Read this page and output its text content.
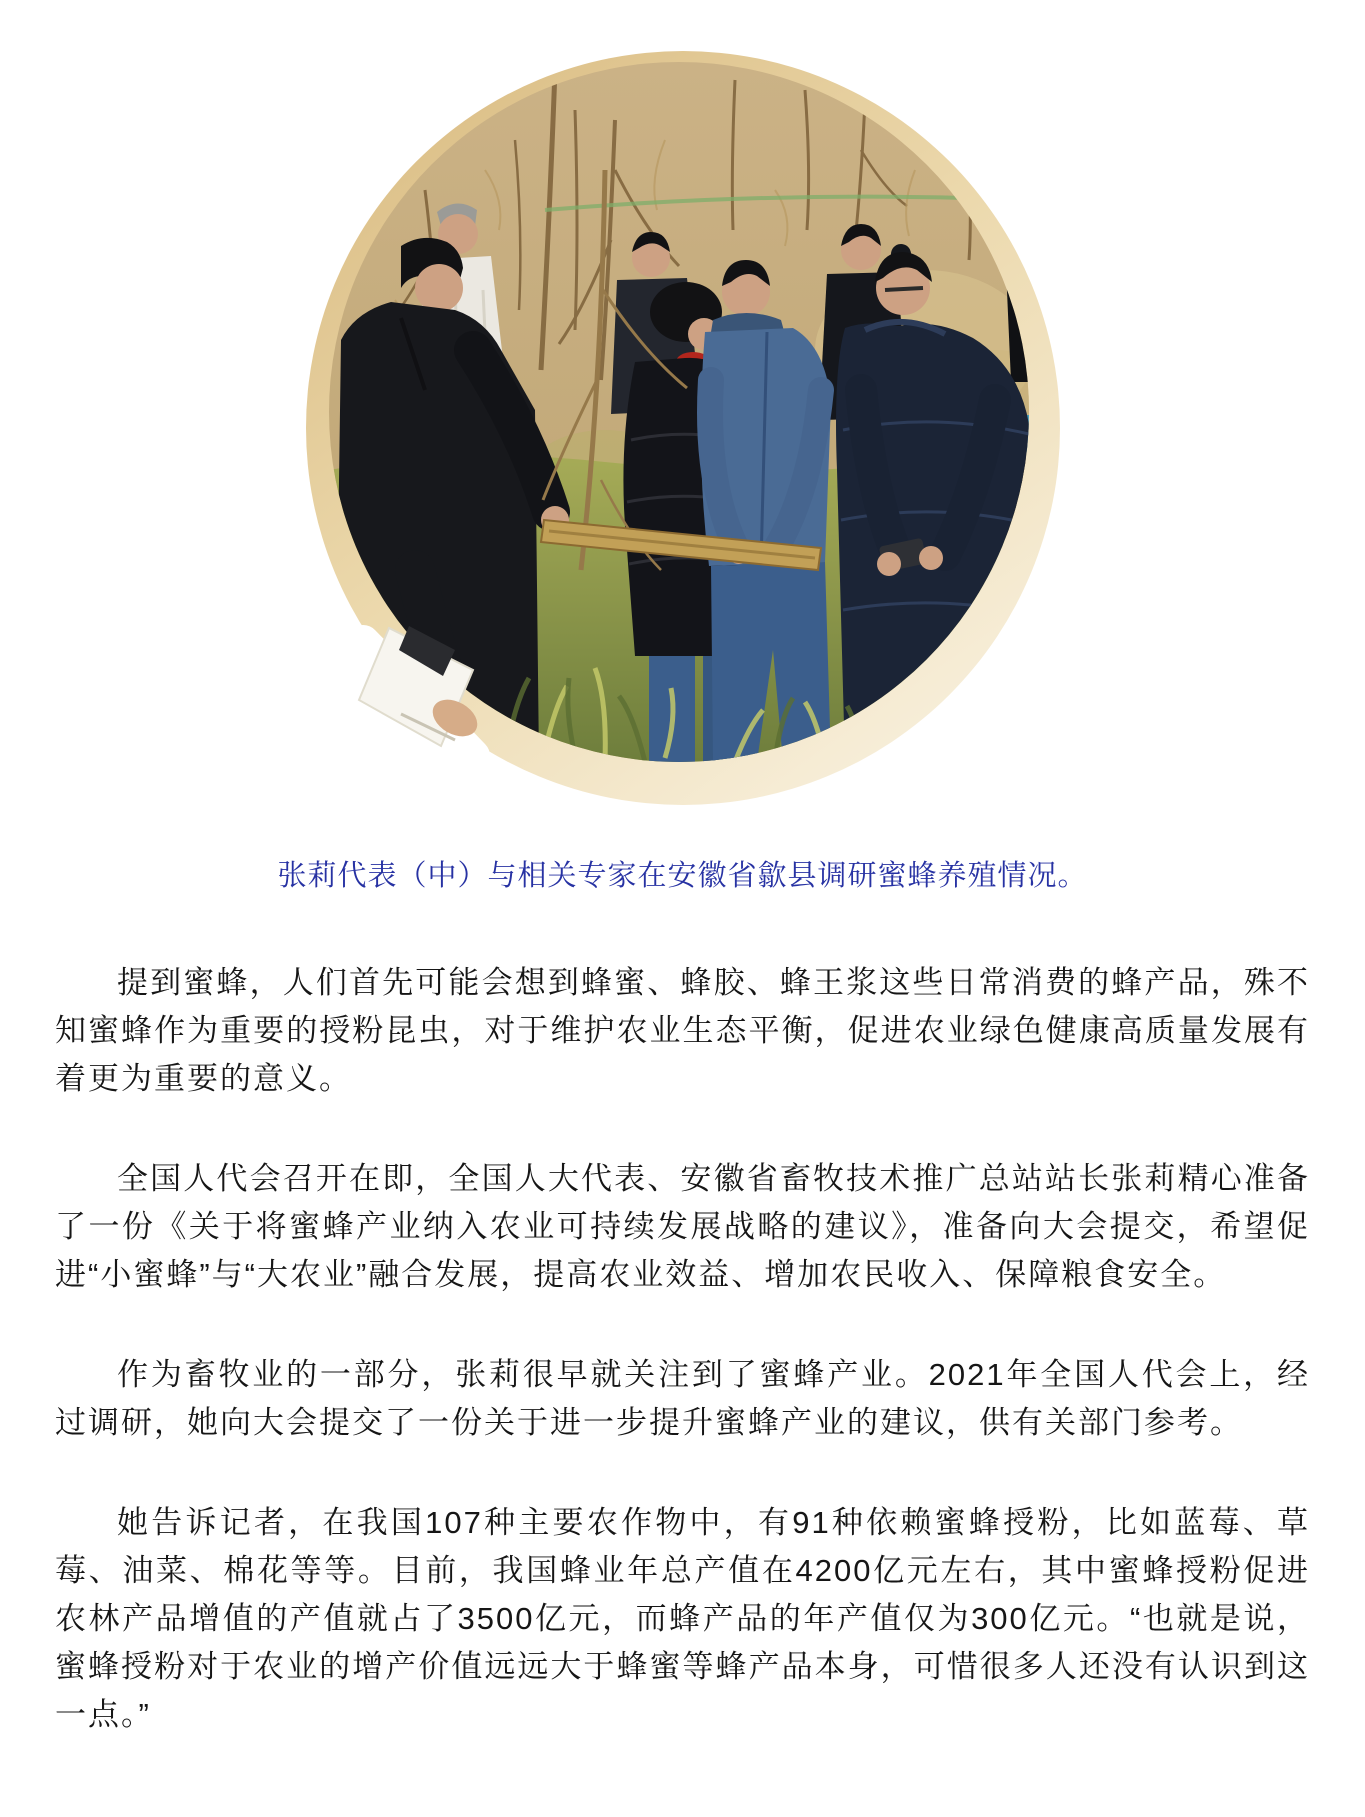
张莉代表（中）与相关专家在安徽省歙县调研蜜蜂养殖情况。

提到蜜蜂，人们首先可能会想到蜂蜜、蜂胶、蜂王浆这些日常消费的蜂产品，殊不知蜜蜂作为重要的授粉昆虫，对于维护农业生态平衡，促进农业绿色健康高质量发展有着更为重要的意义。

全国人代会召开在即，全国人大代表、安徽省畜牧技术推广总站站长张莉精心准备了一份《关于将蜜蜂产业纳入农业可持续发展战略的建议》，准备向大会提交，希望促进“小蜜蜂”与“大农业”融合发展，提高农业效益、增加农民收入、保障粮食安全。

作为畜牧业的一部分，张莉很早就关注到了蜜蜂产业。2021年全国人代会上，经过调研，她向大会提交了一份关于进一步提升蜜蜂产业的建议，供有关部门参考。

她告诉记者，在我国107种主要农作物中，有91种依赖蜜蜂授粉，比如蓝莓、草莓、油菜、棉花等等。目前，我国蜂业年总产值在4200亿元左右，其中蜜蜂授粉促进农林产品增值的产值就占了3500亿元，而蜂产品的年产值仅为300亿元。“也就是说，蜜蜂授粉对于农业的增产价值远远大于蜂蜜等蜂产品本身，可惜很多人还没有认识到这一点。”
